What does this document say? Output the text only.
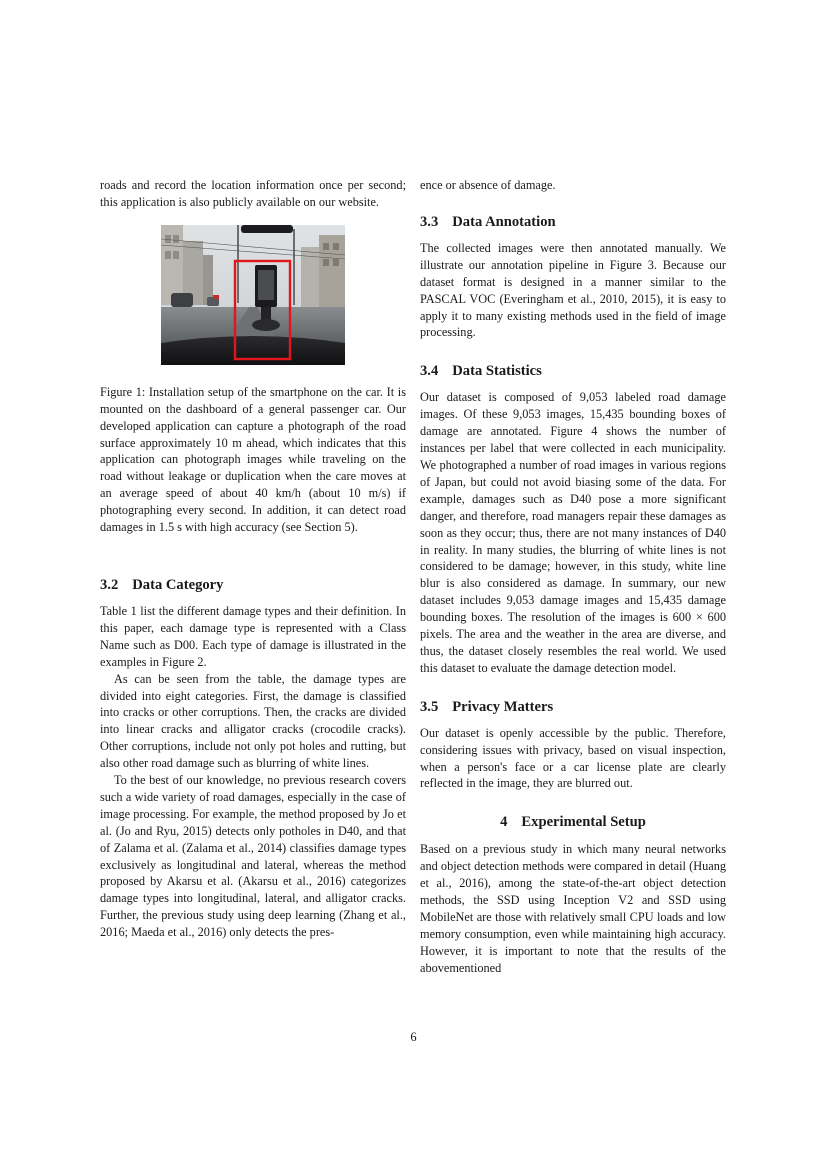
roads and record the location information once per second; this application is also publicly available on our website.

Figure 1: Installation setup of the smartphone on the car. It is mounted on the dashboard of a general passenger car. Our developed application can capture a photograph of the road surface approximately 10 m ahead, which indicates that this application can photograph images while traveling on the road without leakage or duplication when the care moves at an average speed of about 40 km/h (about 10 m/s) if photographing every second. In addition, it can detect road damages in 1.5 s with high accuracy (see Section 5).

3.2 Data Category

Table 1 list the different damage types and their definition. In this paper, each damage type is represented with a Class Name such as D00. Each type of damage is illustrated in the examples in Figure 2.

As can be seen from the table, the damage types are divided into eight categories. First, the damage is classified into cracks or other corruptions. Then, the cracks are divided into linear cracks and alligator cracks (crocodile cracks). Other corruptions, include not only pot holes and rutting, but also other road damage such as blurring of white lines.

To the best of our knowledge, no previous research covers such a wide variety of road damages, especially in the case of image processing. For example, the method proposed by Jo et al. (Jo and Ryu, 2015) detects only potholes in D40, and that of Zalama et al. (Zalama et al., 2014) classifies damage types exclusively as longitudinal and lateral, whereas the method proposed by Akarsu et al. (Akarsu et al., 2016) categorizes damage types into longitudinal, lateral, and alligator cracks. Further, the previous study using deep learning (Zhang et al., 2016; Maeda et al., 2016) only detects the pres-

ence or absence of damage.

3.3 Data Annotation

The collected images were then annotated manually. We illustrate our annotation pipeline in Figure 3. Because our dataset format is designed in a manner similar to the PASCAL VOC (Everingham et al., 2010, 2015), it is easy to apply it to many existing methods used in the field of image processing.

3.4 Data Statistics

Our dataset is composed of 9,053 labeled road damage images. Of these 9,053 images, 15,435 bounding boxes of damage are annotated. Figure 4 shows the number of instances per label that were collected in each municipality. We photographed a number of road images in various regions of Japan, but could not avoid biasing some of the data. For example, damages such as D40 pose a more significant danger, and therefore, road managers repair these damages as soon as they occur; thus, there are not many instances of D40 in reality. In many studies, the blurring of white lines is not considered to be damage; however, in this study, white line blur is also considered as damage. In summary, our new dataset includes 9,053 damage images and 15,435 damage bounding boxes. The resolution of the images is 600 × 600 pixels. The area and the weather in the area are diverse, and thus, the dataset closely resembles the real world. We used this dataset to evaluate the damage detection model.

3.5 Privacy Matters

Our dataset is openly accessible by the public. Therefore, considering issues with privacy, based on visual inspection, when a person's face or a car license plate are clearly reflected in the image, they are blurred out.

4 Experimental Setup

Based on a previous study in which many neural networks and object detection methods were compared in detail (Huang et al., 2016), among the state-of-the-art object detection methods, the SSD using Inception V2 and SSD using MobileNet are those with relatively small CPU loads and low memory consumption, even while maintaining high accuracy. However, it is important to note that the results of the abovementioned

6
